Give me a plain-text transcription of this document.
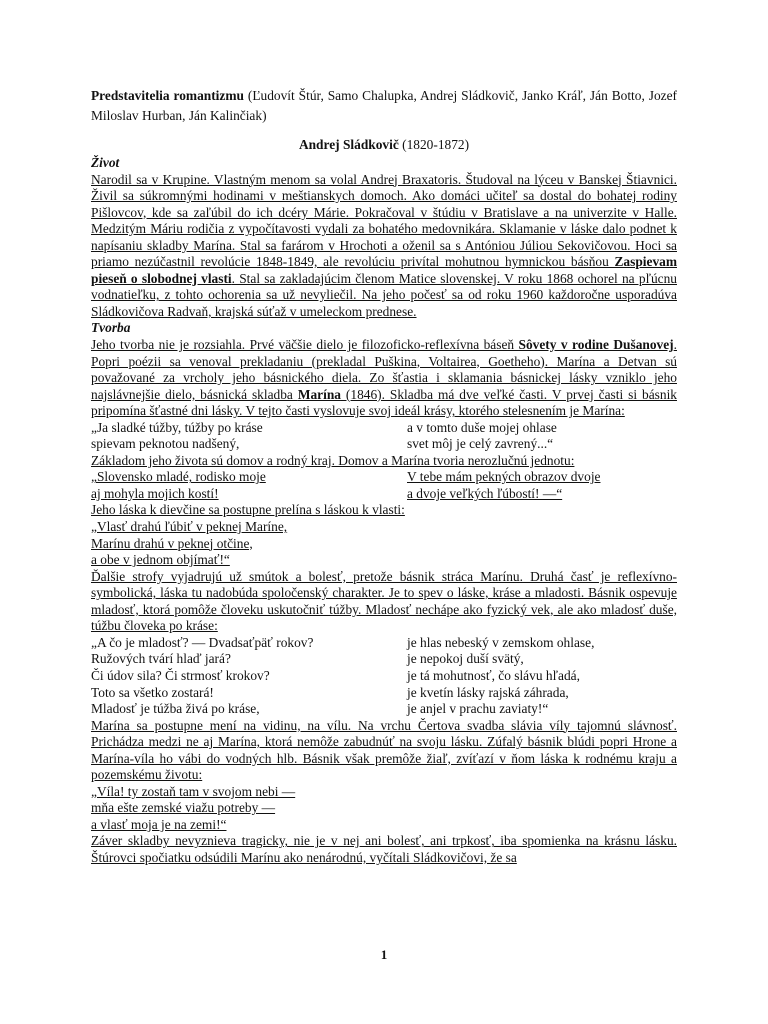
Predstavitelia romantizmu (Ľudovít Štúr, Samo Chalupka, Andrej Sládkovič, Janko Kráľ, Ján Botto, Jozef Miloslav Hurban, Ján Kalinčiak)

Andrej Sládkovič (1820-1872)

Život

Narodil sa v Krupine. Vlastným menom sa volal Andrej Braxatoris. Študoval na lýceu v Banskej Štiavnici. Živil sa súkromnými hodinami v meštianskych domoch. Ako domáci učiteľ sa dostal do bohatej rodiny Pišlovcov, kde sa zaľúbil do ich dcéry Márie. Pokračoval v štúdiu v Bratislave a na univerzite v Halle. Medzitým Máriu rodičia z vypočítavosti vydali za bohatého medovnikára. Sklamanie v láske dalo podnet k napísaniu skladby Marína. Stal sa farárom v Hrochoti a oženil sa s Antóniou Júliou Sekovičovou. Hoci sa priamo nezúčastnil revolúcie 1848-1849, ale revolúciu privítal mohutnou hymnickou básňou Zaspievam pieseň o slobodnej vlasti. Stal sa zakladajúcim členom Matice slovenskej. V roku 1868 ochorel na pľúcnu vodnatieľku, z tohto ochorenia sa už nevyliečil. Na jeho počesť sa od roku 1960 každoročne usporadúva Sládkovičova Radvaň, krajská súťaž v umeleckom prednese.

Tvorba

Jeho tvorba nie je rozsiahla. Prvé väčšie dielo je filozoficko-reflexívna báseň Sôvety v rodine Dušanovej. Popri poézii sa venoval prekladaniu (prekladal Puškina, Voltairea, Goetheho). Marína a Detvan sú považované za vrcholy jeho básnického diela. Zo šťastia i sklamania básnickej lásky vzniklo jeho najslávnejšie dielo, básnická skladba Marína (1846). Skladba má dve veľké časti. V prvej časti si básnik pripomína šťastné dni lásky. V tejto časti vyslovuje svoj ideál krásy, ktorého stelesnením je Marína:

„Ja sladké túžby, túžby po kráse	a v tomto duše mojej ohlase
spievam peknotou nadšený,	svet môj je celý zavrený...“

Základom jeho života sú domov a rodný kraj. Domov a Marína tvoria nerozlučnú jednotu:

„Slovensko mladé, rodisko moje	V tebe mám pekných obrazov dvoje
aj mohyla mojich kostí!	a dvoje veľkých ľúbostí! —“

Jeho láska k dievčine sa postupne prelína s láskou k vlasti:

„Vlasť drahú ľúbiť v peknej Maríne,
Marínu drahú v peknej otčine,
a obe v jednom objímať!“

Ďalšie strofy vyjadrujú už smútok a bolesť, pretože básnik stráca Marínu. Druhá časť je reflexívno-symbolická, láska tu nadobúda spoločenský charakter. Je to spev o láske, kráse a mladosti. Básnik ospevuje mladosť, ktorá pomôže človeku uskutočniť túžby. Mladosť nechápe ako fyzický vek, ale ako mladosť duše, túžbu človeka po kráse:

„A čo je mladosť? — Dvadsaťpäť rokov?	je hlas nebeský v zemskom ohlase,
Ružových tvárí hlaď jará?	je nepokoj duší svätý,
Či údov sila? Či strmosť krokov?	je tá mohutnosť, čo slávu hľadá,
Toto sa všetko zostará!	je kvetín lásky rajská záhrada,
Mladosť je túžba živá po kráse,	je anjel v prachu zaviaty!“

Marína sa postupne mení na vidinu, na vílu. Na vrchu Čertova svadba slávia víly tajomnú slávnosť. Prichádza medzi ne aj Marína, ktorá nemôže zabudnúť na svoju lásku. Zúfalý básnik blúdi popri Hrone a Marína-víla ho vábi do vodných hlb. Básnik však premôže žiaľ, zvíťazí v ňom láska k rodnému kraju a pozemskému životu:

„Víla! ty zostaň tam v svojom nebi —
mňa ešte zemské viažu potreby —
a vlasť moja je na zemi!“

Záver skladby nevyznieva tragicky, nie je v nej ani bolesť, ani trpkosť, iba spomienka na krásnu lásku. Štúrovci spočiatku odsúdili Marínu ako nenárodnú, vyčítali Sládkovičovi, že sa

1
